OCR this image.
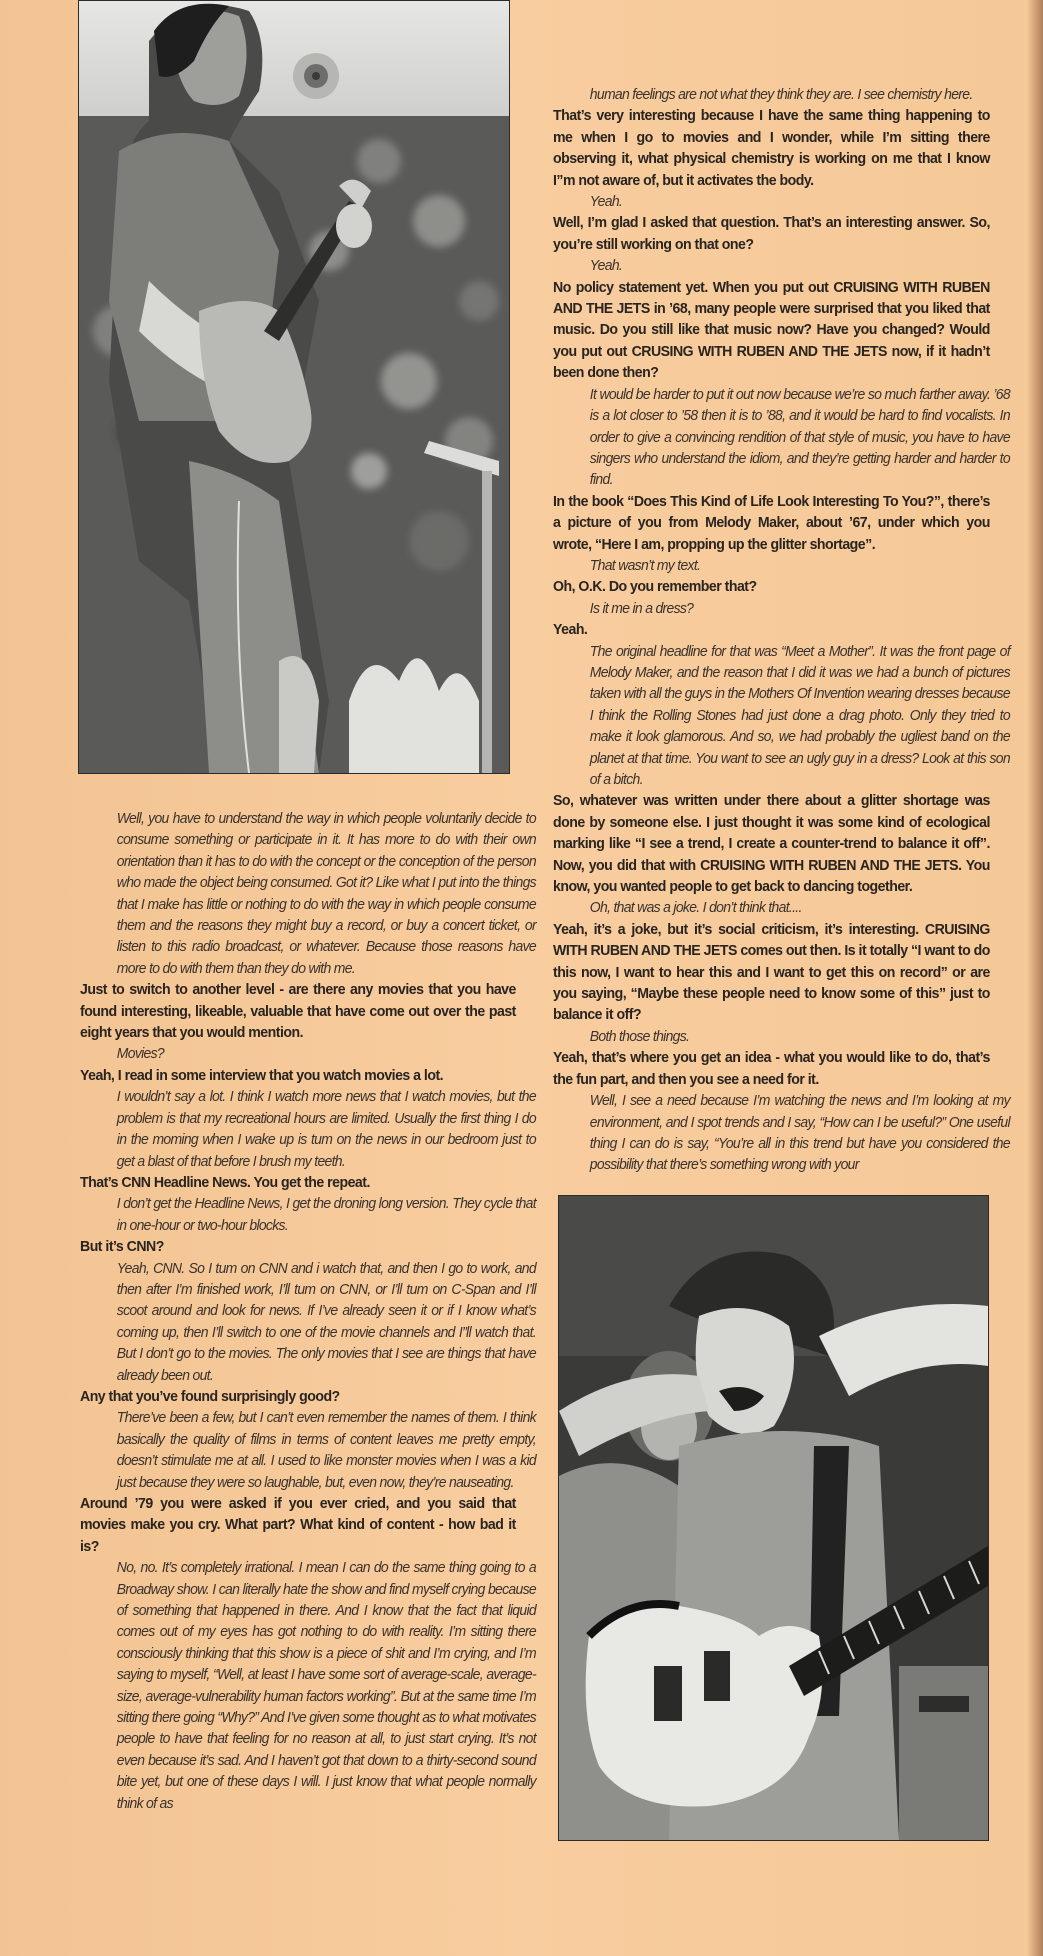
Well, you have to understand the way in which people voluntarily decide to consume something or participate in it. It has more to do with their own orientation than it has to do with the concept or the conception of the person who made the object being consumed. Got it? Like what I put into the things that I make has little or nothing to do with the way in which people consume them and the reasons they might buy a record, or buy a concert ticket, or listen to this radio broadcast, or whatever. Because those reasons have more to do with them than they do with me.

Just to switch to another level - are there any movies that you have found interesting, likeable, valuable that have come out over the past eight years that you would mention.

Movies?

Yeah, I read in some interview that you watch movies a lot.

I wouldn’t say a lot. I think I watch more news that I watch movies, but the problem is that my recreational hours are limited. Usually the first thing I do in the moming when I wake up is tum on the news in our bedroom just to get a blast of that before I brush my teeth.

That’s CNN Headline News. You get the repeat.

I don’t get the Headline News, I get the droning long version. They cycle that in one-hour or two-hour blocks.

But it’s CNN?

Yeah, CNN. So I tum on CNN and i watch that, and then I go to work, and then after I’m finished work, I’ll tum on CNN, or I’ll tum on C-Span and I’ll scoot around and look for news. If I’ve already seen it or if I know what’s coming up, then I’ll switch to one of the movie channels and I”ll watch that. But I don’t go to the movies. The only movies that I see are things that have already been out.

Any that you’ve found surprisingly good?

There’ve been a few, but I can’t even remember the names of them. I think basically the quality of films in terms of content leaves me pretty empty, doesn’t stimulate me at all. I used to like monster movies when I was a kid just because they were so laughable, but, even now, they’re nauseating.

Around ’79 you were asked if you ever cried, and you said that movies make you cry. What part? What kind of content - how bad it is?

No, no. It’s completely irrational. I mean I can do the same thing going to a Broadway show. I can literally hate the show and find myself crying because of something that happened in there. And I know that the fact that liquid comes out of my eyes has got nothing to do with reality. I’m sitting there consciously thinking that this show is a piece of shit and I’m crying, and I’m saying to myself, “Well, at least I have some sort of average-scale, average-size, average-vulnerability human factors working”. But at the same time I’m sitting there going “Why?” And I’ve given some thought as to what motivates people to have that feeling for no reason at all, to just start crying. It’s not even because it’s sad. And I haven’t got that down to a thirty-second sound bite yet, but one of these days I will. I just know that what people normally think of as

human feelings are not what they think they are. I see chemistry here.

That’s very interesting because I have the same thing happening to me when I go to movies and I wonder, while I’m sitting there observing it, what physical chemistry is working on me that I know I”m not aware of, but it activates the body.

Yeah.

Well, I’m glad I asked that question. That’s an interesting answer. So, you’re still working on that one?

Yeah.

No policy statement yet. When you put out CRUISING WITH RUBEN AND THE JETS in ’68, many people were surprised that you liked that music. Do you still like that music now? Have you changed? Would you put out CRUSING WITH RUBEN AND THE JETS now, if it hadn’t been done then?

It would be harder to put it out now because we’re so much farther away. ’68 is a lot closer to ’58 then it is to ’88, and it would be hard to find vocalists. In order to give a convincing rendition of that style of music, you have to have singers who understand the idiom, and they’re getting harder and harder to find.

In the book “Does This Kind of Life Look Interesting To You?”, there’s a picture of you from Melody Maker, about ’67, under which you wrote, “Here I am, propping up the glitter shortage”.

That wasn’t my text.

Oh, O.K. Do you remember that?

Is it me in a dress?

Yeah.

The original headline for that was “Meet a Mother”. It was the front page of Melody Maker, and the reason that I did it was we had a bunch of pictures taken with all the guys in the Mothers Of Invention wearing dresses because I think the Rolling Stones had just done a drag photo. Only they tried to make it look glamorous. And so, we had probably the ugliest band on the planet at that time. You want to see an ugly guy in a dress? Look at this son of a bitch.

So, whatever was written under there about a glitter shortage was done by someone else. I just thought it was some kind of ecological marking like “I see a trend, I create a counter-trend to balance it off”. Now, you did that with CRUISING WITH RUBEN AND THE JETS. You know, you wanted people to get back to dancing together.

Oh, that was a joke. I don’t think that....

Yeah, it’s a joke, but it’s social criticism, it’s interesting. CRUISING WITH RUBEN AND THE JETS comes out then. Is it totally “I want to do this now, I want to hear this and I want to get this on record” or are you saying, “Maybe these people need to know some of this” just to balance it off?

Both those things.

Yeah, that’s where you get an idea - what you would like to do, that’s the fun part, and then you see a need for it.

Well, I see a need because I’m watching the news and I’m looking at my environment, and I spot trends and I say, “How can I be useful?” One useful thing I can do is say, “You’re all in this trend but have you considered the possibility that there’s something wrong with your
